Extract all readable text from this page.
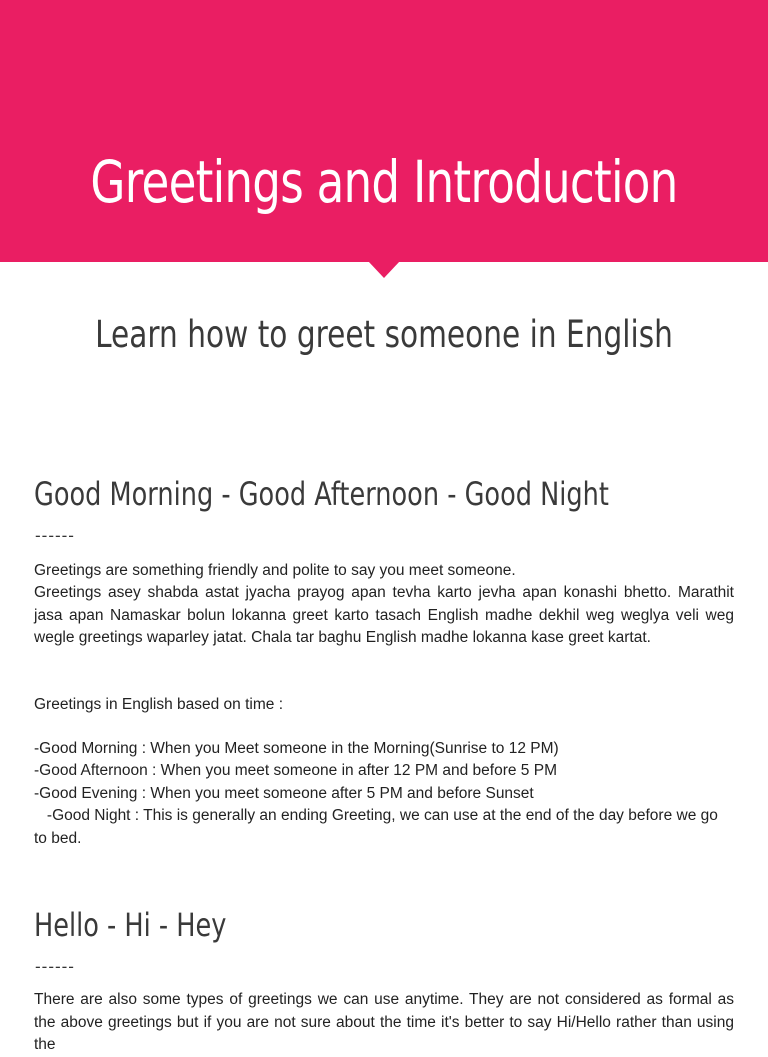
Greetings and Introduction
Learn how to greet someone in English
Good Morning - Good Afternoon - Good Night
------

Greetings are something friendly and polite to say you meet someone.

Greetings asey shabda astat jyacha prayog apan tevha karto jevha apan konashi bhetto. Marathit jasa apan Namaskar bolun lokanna greet karto tasach English madhe dekhil weg weglya veli weg wegle greetings waparley jatat. Chala tar baghu English madhe lokanna kase greet kartat.

Greetings in English based on time :

-Good Morning : When you Meet someone in the Morning(Sunrise to 12 PM)

-Good Afternoon : When you meet someone in after 12 PM and before 5 PM

-Good Evening : When you meet someone after 5 PM and before Sunset

-Good Night : This is generally an ending Greeting, we can use at the end of the day before we go to bed.

Hello - Hi - Hey
------

There are also some types of greetings we can use anytime. They are not considered as formal as the above greetings but if you are not sure about the time it's better to say Hi/Hello rather than using the
